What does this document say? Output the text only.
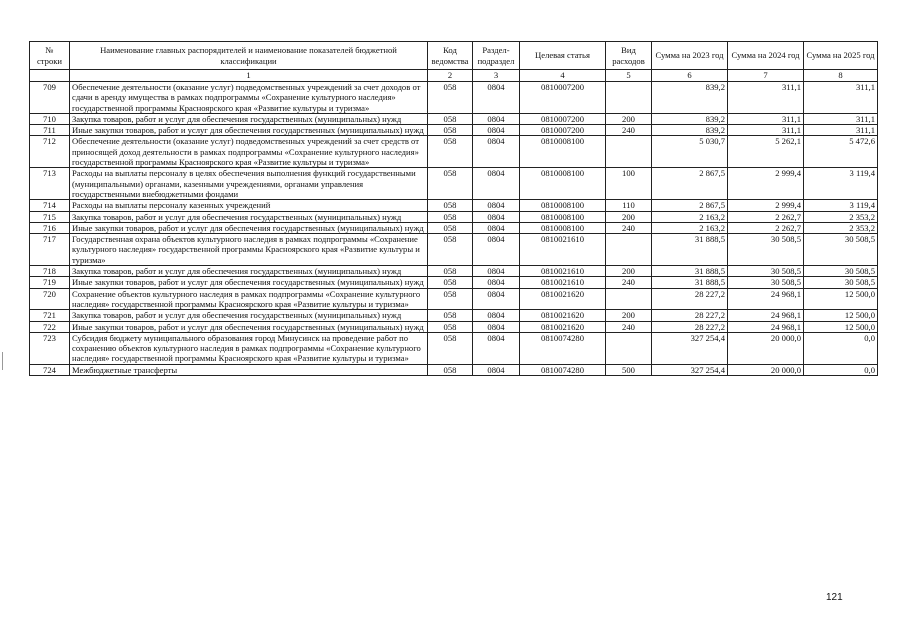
№ строки	Наименование главных распорядителей и наименование показателей бюджетной классификации	Код ведомства	Раздел-подраздел	Целевая статья	Вид расходов	Сумма на 2023 год	Сумма на 2024 год	Сумма на 2025 год
	1	2	3	4	5	6	7	8
709	Обеспечение деятельности (оказание услуг) подведомственных учреждений за счет доходов от сдачи в аренду имущества в рамках подпрограммы «Сохранение культурного наследия» государственной программы Красноярского края «Развитие культуры и туризма»	058	0804	0810007200		839,2	311,1	311,1
710	Закупка товаров, работ и услуг для обеспечения государственных (муниципальных) нужд	058	0804	0810007200	200	839,2	311,1	311,1
711	Иные закупки товаров, работ и услуг для обеспечения государственных (муниципальных) нужд	058	0804	0810007200	240	839,2	311,1	311,1
712	Обеспечение деятельности (оказание услуг) подведомственных учреждений за счет средств от приносящей доход деятельности в рамках подпрограммы «Сохранение культурного наследия» государственной программы Красноярского края «Развитие культуры и туризма»	058	0804	0810008100		5 030,7	5 262,1	5 472,6
713	Расходы на выплаты персоналу в целях обеспечения выполнения функций государственными (муниципальными) органами, казенными учреждениями, органами управления государственными внебюджетными фондами	058	0804	0810008100	100	2 867,5	2 999,4	3 119,4
714	Расходы на выплаты персоналу казенных учреждений	058	0804	0810008100	110	2 867,5	2 999,4	3 119,4
715	Закупка товаров, работ и услуг для обеспечения государственных (муниципальных) нужд	058	0804	0810008100	200	2 163,2	2 262,7	2 353,2
716	Иные закупки товаров, работ и услуг для обеспечения государственных (муниципальных) нужд	058	0804	0810008100	240	2 163,2	2 262,7	2 353,2
717	Государственная охрана объектов культурного наследия в рамках подпрограммы «Сохранение культурного наследия» государственной программы Красноярского края «Развитие культуры и туризма»	058	0804	0810021610		31 888,5	30 508,5	30 508,5
718	Закупка товаров, работ и услуг для обеспечения государственных (муниципальных) нужд	058	0804	0810021610	200	31 888,5	30 508,5	30 508,5
719	Иные закупки товаров, работ и услуг для обеспечения государственных (муниципальных) нужд	058	0804	0810021610	240	31 888,5	30 508,5	30 508,5
720	Сохранение объектов культурного наследия в рамках подпрограммы «Сохранение культурного наследия» государственной программы Красноярского края «Развитие культуры и туризма»	058	0804	0810021620		28 227,2	24 968,1	12 500,0
721	Закупка товаров, работ и услуг для обеспечения государственных (муниципальных) нужд	058	0804	0810021620	200	28 227,2	24 968,1	12 500,0
722	Иные закупки товаров, работ и услуг для обеспечения государственных (муниципальных) нужд	058	0804	0810021620	240	28 227,2	24 968,1	12 500,0
723	Субсидия бюджету муниципального образования город Минусинск на проведение работ по сохранению объектов культурного наследия в рамках подпрограммы «Сохранение культурного наследия» государственной программы Красноярского края «Развитие культуры и туризма»	058	0804	0810074280		327 254,4	20 000,0	0,0
724	Межбюджетные трансферты	058	0804	0810074280	500	327 254,4	20 000,0	0,0
121
